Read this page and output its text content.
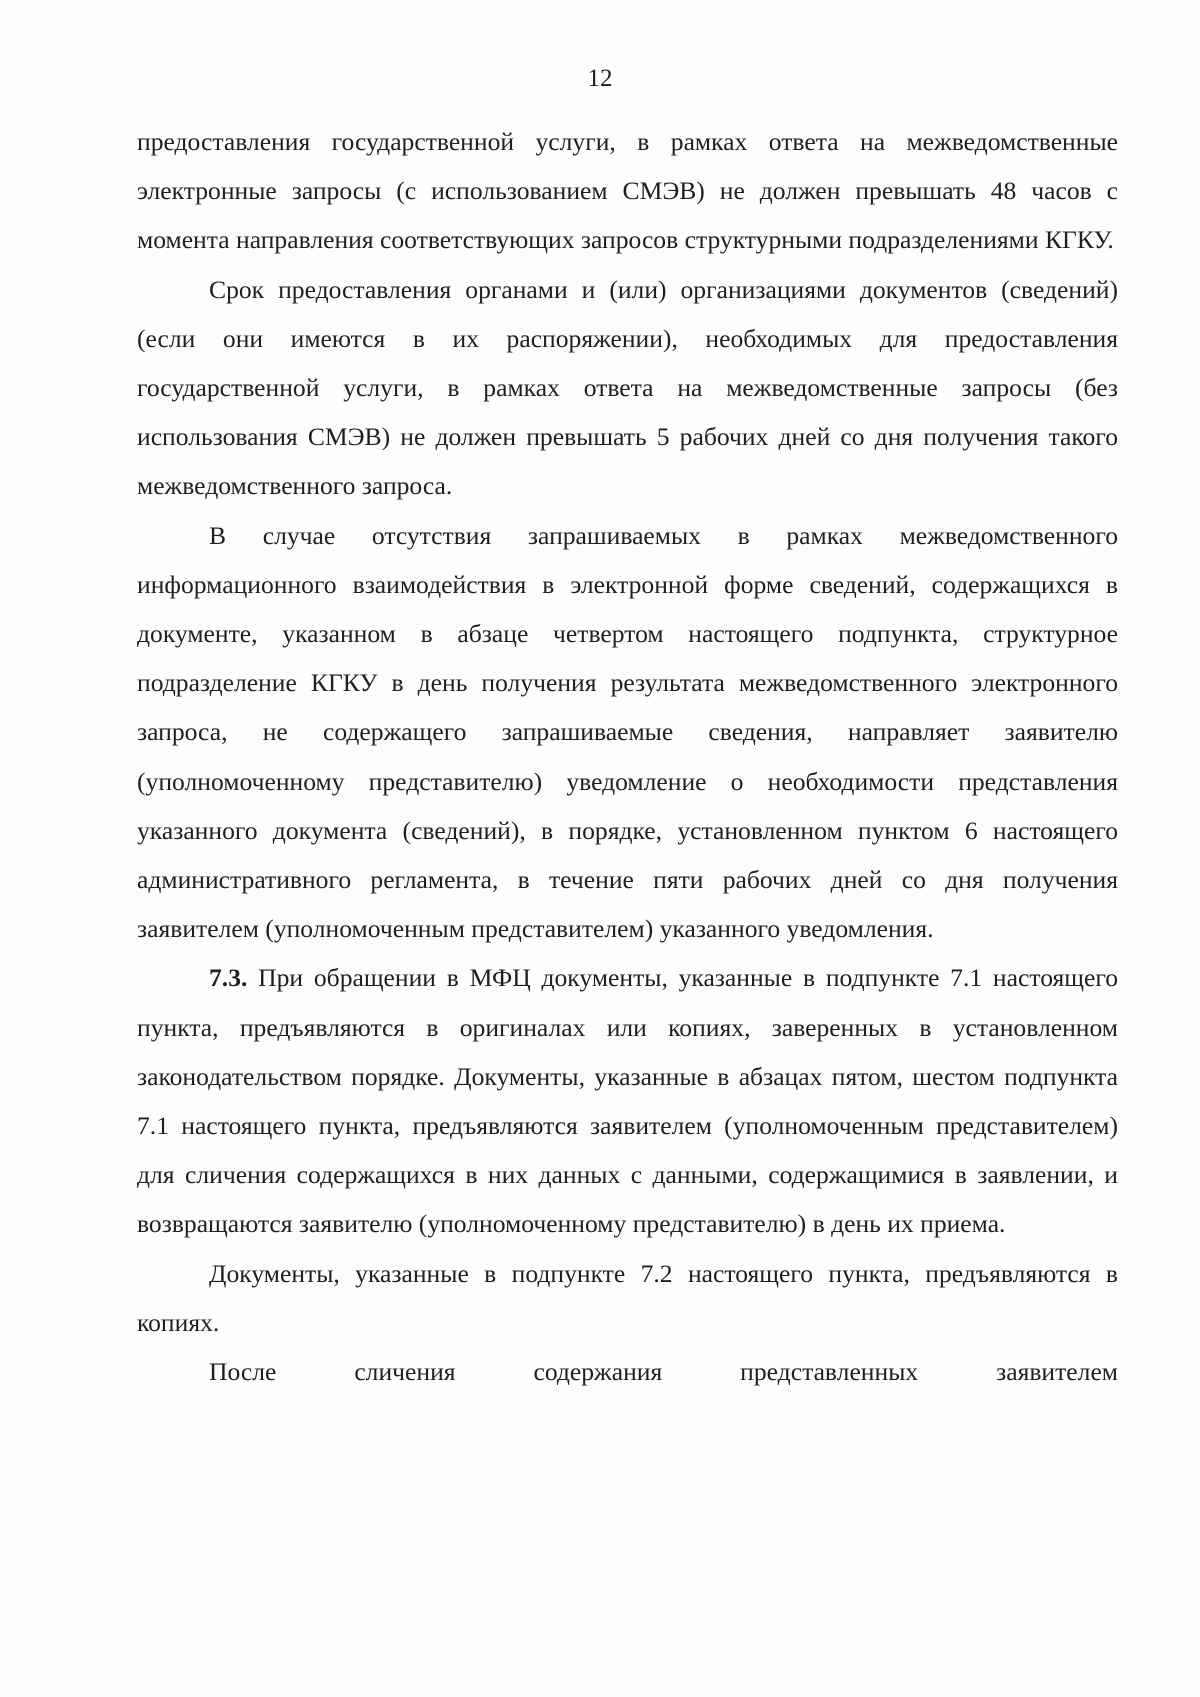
12

предоставления государственной услуги, в рамках ответа на межведомственные электронные запросы (с использованием СМЭВ) не должен превышать 48 часов с момента направления соответствующих запросов структурными подразделениями КГКУ.

Срок предоставления органами и (или) организациями документов (сведений) (если они имеются в их распоряжении), необходимых для предоставления государственной услуги, в рамках ответа на межведомственные запросы (без использования СМЭВ) не должен превышать 5 рабочих дней со дня получения такого межведомственного запроса.

В случае отсутствия запрашиваемых в рамках межведомственного информационного взаимодействия в электронной форме сведений, содержащихся в документе, указанном в абзаце четвертом настоящего подпункта, структурное подразделение КГКУ в день получения результата межведомственного электронного запроса, не содержащего запрашиваемые сведения, направляет заявителю (уполномоченному представителю) уведомление о необходимости представления указанного документа (сведений), в порядке, установленном пунктом 6 настоящего административного регламента, в течение пяти рабочих дней со дня получения заявителем (уполномоченным представителем) указанного уведомления.

7.3. При обращении в МФЦ документы, указанные в подпункте 7.1 настоящего пункта, предъявляются в оригиналах или копиях, заверенных в установленном законодательством порядке. Документы, указанные в абзацах пятом, шестом подпункта 7.1 настоящего пункта, предъявляются заявителем (уполномоченным представителем) для сличения содержащихся в них данных с данными, содержащимися в заявлении, и возвращаются заявителю (уполномоченному представителю) в день их приема.

Документы, указанные в подпункте 7.2 настоящего пункта, предъявляются в копиях.

После сличения содержания представленных заявителем
